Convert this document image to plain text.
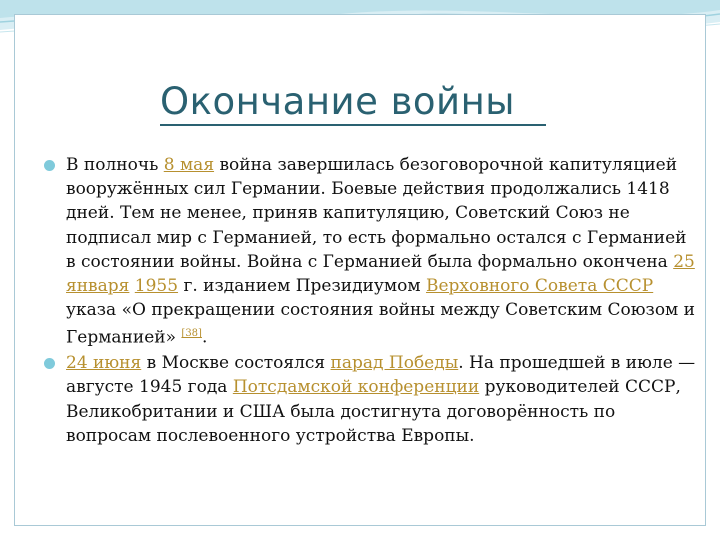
Окончание войны

В полночь 8 мая война завершилась безоговорочной капитуляцией вооружённых сил Германии. Боевые действия продолжались 1418 дней. Тем не менее, приняв капитуляцию, Советский Союз не подписал мир с Германией, то есть формально остался с Германией в состоянии войны. Война с Германией была формально окончена 25 января 1955 г. изданием Президиумом Верховного Совета СССР указа «О прекращении состояния войны между Советским Союзом и Германией» [38].

24 июня в Москве состоялся парад Победы. На прошедшей в июле — августе 1945 года Потсдамской конференции руководителей СССР, Великобритании и США была достигнута договорённость по вопросам послевоенного устройства Европы.
